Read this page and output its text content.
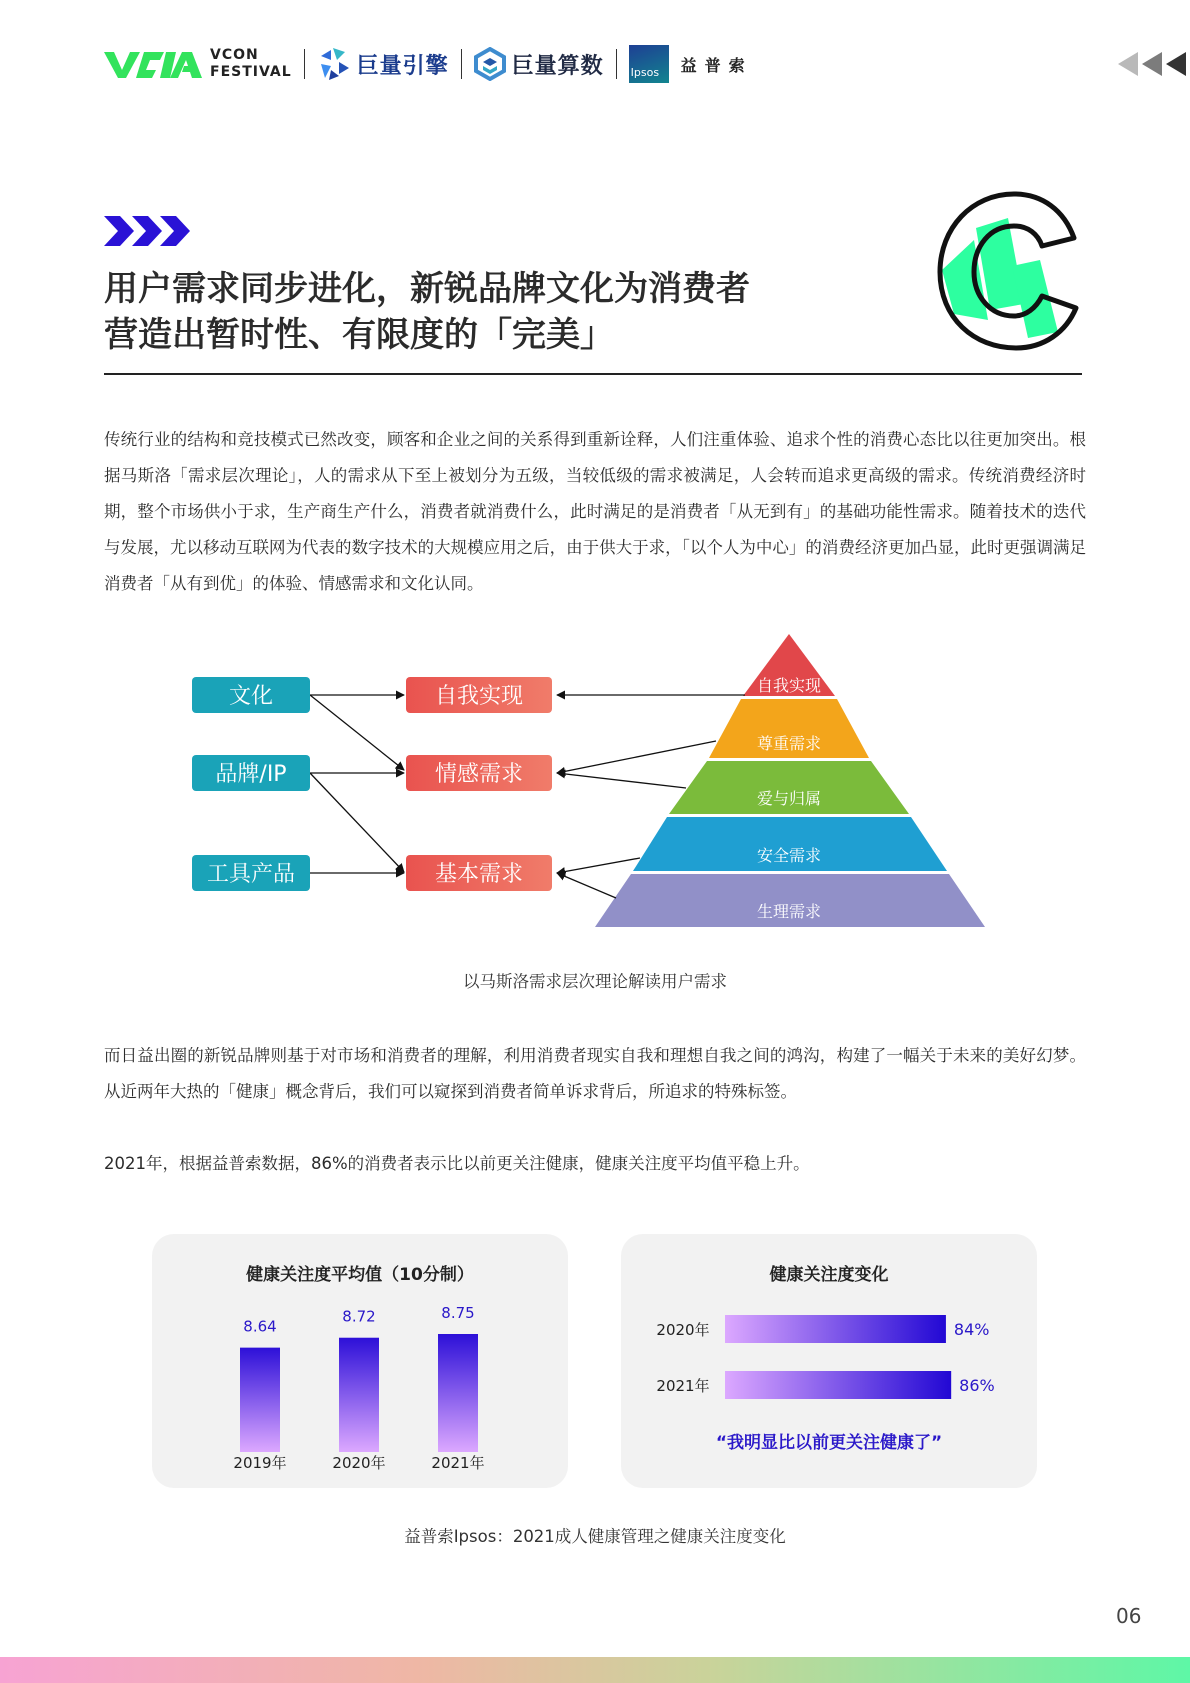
VCON
FESTIVAL	巨量引擎	巨量算数 Ipsos 益普索
用户需求同步进化，新锐品牌文化为消费者
营造出暂时性、有限度的「完美」

传统行业的结构和竞技模式已然改变，顾客和企业之间的关系得到重新诠释，人们注重体验、追求个性的消费心态比以往更加突出。根据马斯洛「需求层次理论」，人的需求从下至上被划分为五级，当较低级的需求被满足，人会转而追求更高级的需求。传统消费经济时期，整个市场供小于求，生产商生产什么，消费者就消费什么，此时满足的是消费者「从无到有」的基础功能性需求。随着技术的迭代与发展，尤以移动互联网为代表的数字技术的大规模应用之后，由于供大于求，「以个人为中心」的消费经济更加凸显，此时更强调满足消费者「从有到优」的体验、情感需求和文化认同。

自我实现
尊重需求
爱与归属
安全需求
生理需求
文化
品牌/IP
工具产品
自我实现
情感需求
基本需求
以马斯洛需求层次理论解读用户需求

而日益出圈的新锐品牌则基于对市场和消费者的理解，利用消费者现实自我和理想自我之间的鸿沟，构建了一幅关于未来的美好幻梦。从近两年大热的「健康」概念背后，我们可以窥探到消费者简单诉求背后，所追求的特殊标签。

2021年，根据益普索数据，86%的消费者表示比以前更关注健康，健康关注度平均值平稳上升。

健康关注度平均值（10分制）
8.64
2019年
8.72
2020年
8.75
2021年
健康关注度变化
2020年	84%
2021年	86%
“我明显比以前更关注健康了”
益普索Ipsos：2021成人健康管理之健康关注度变化
06
